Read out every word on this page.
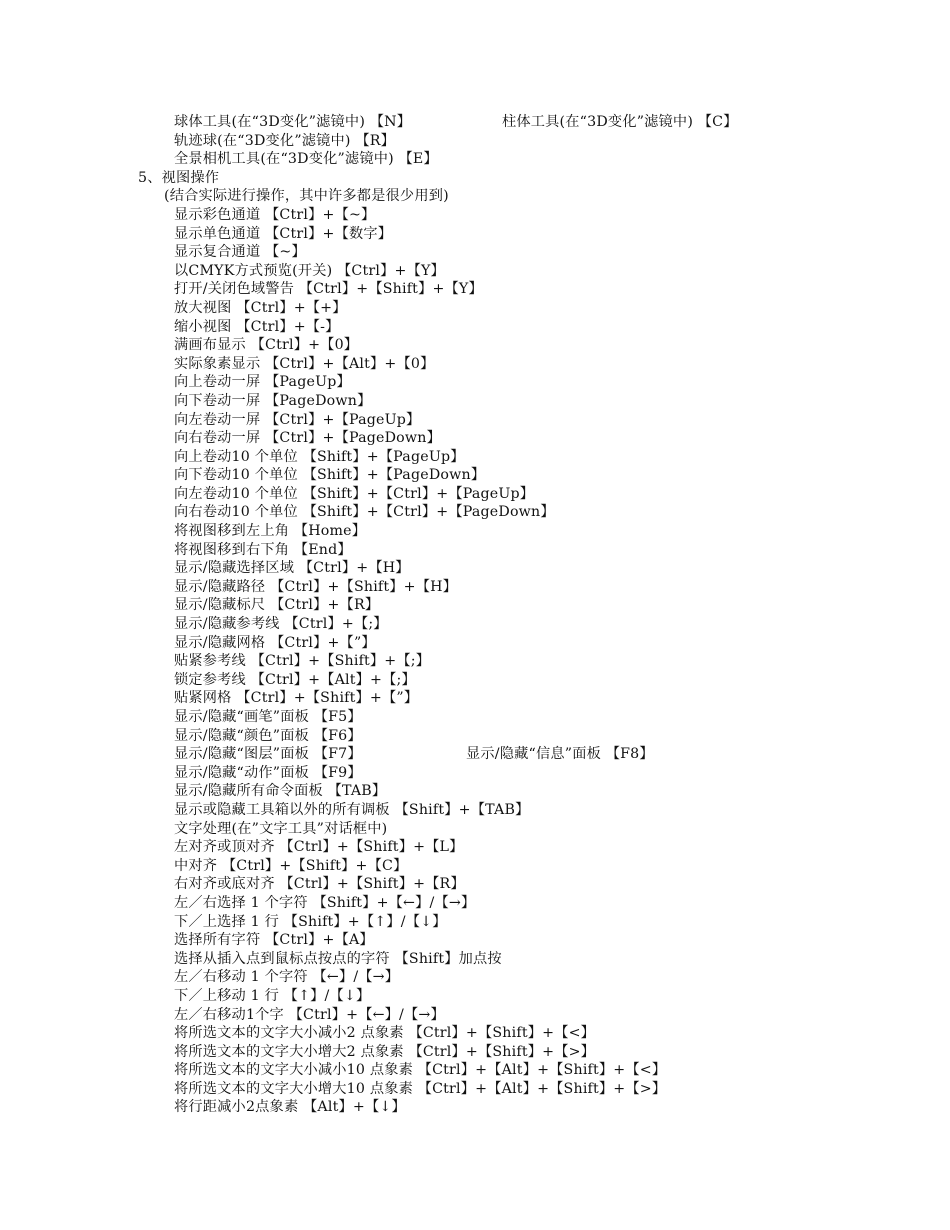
球体工具(在“3D变化”滤镜中) 【N】	柱体工具(在“3D变化”滤镜中) 【C】
轨迹球(在“3D变化”滤镜中) 【R】
全景相机工具(在“3D变化”滤镜中) 【E】
5、视图操作
(结合实际进行操作，其中许多都是很少用到)
显示彩色通道 【Ctrl】+【~】
显示单色通道 【Ctrl】+【数字】
显示复合通道 【~】
以CMYK方式预览(开关) 【Ctrl】+【Y】
打开/关闭色域警告 【Ctrl】+【Shift】+【Y】
放大视图 【Ctrl】+【+】
缩小视图 【Ctrl】+【-】
满画布显示 【Ctrl】+【0】
实际象素显示 【Ctrl】+【Alt】+【0】
向上卷动一屏 【PageUp】
向下卷动一屏 【PageDown】
向左卷动一屏 【Ctrl】+【PageUp】
向右卷动一屏 【Ctrl】+【PageDown】
向上卷动10 个单位 【Shift】+【PageUp】
向下卷动10 个单位 【Shift】+【PageDown】
向左卷动10 个单位 【Shift】+【Ctrl】+【PageUp】
向右卷动10 个单位 【Shift】+【Ctrl】+【PageDown】
将视图移到左上角 【Home】
将视图移到右下角 【End】
显示/隐藏选择区域 【Ctrl】+【H】
显示/隐藏路径 【Ctrl】+【Shift】+【H】
显示/隐藏标尺 【Ctrl】+【R】
显示/隐藏参考线 【Ctrl】+【;】
显示/隐藏网格 【Ctrl】+【”】
贴紧参考线 【Ctrl】+【Shift】+【;】
锁定参考线 【Ctrl】+【Alt】+【;】
贴紧网格 【Ctrl】+【Shift】+【”】
显示/隐藏“画笔”面板 【F5】
显示/隐藏“颜色”面板 【F6】
显示/隐藏“图层”面板 【F7】	显示/隐藏“信息”面板 【F8】
显示/隐藏“动作”面板 【F9】
显示/隐藏所有命令面板 【TAB】
显示或隐藏工具箱以外的所有调板 【Shift】+【TAB】
文字处理(在”文字工具”对话框中)
左对齐或顶对齐 【Ctrl】+【Shift】+【L】
中对齐 【Ctrl】+【Shift】+【C】
右对齐或底对齐 【Ctrl】+【Shift】+【R】
左／右选择 1 个字符 【Shift】+【←】/【→】
下／上选择 1 行 【Shift】+【↑】/【↓】
选择所有字符 【Ctrl】+【A】
选择从插入点到鼠标点按点的字符 【Shift】加点按
左／右移动 1 个字符 【←】/【→】
下／上移动 1 行 【↑】/【↓】
左／右移动1个字 【Ctrl】+【←】/【→】
将所选文本的文字大小减小2 点象素 【Ctrl】+【Shift】+【<】
将所选文本的文字大小增大2 点象素 【Ctrl】+【Shift】+【>】
将所选文本的文字大小减小10 点象素 【Ctrl】+【Alt】+【Shift】+【<】
将所选文本的文字大小增大10 点象素 【Ctrl】+【Alt】+【Shift】+【>】
将行距减小2点象素 【Alt】+【↓】
